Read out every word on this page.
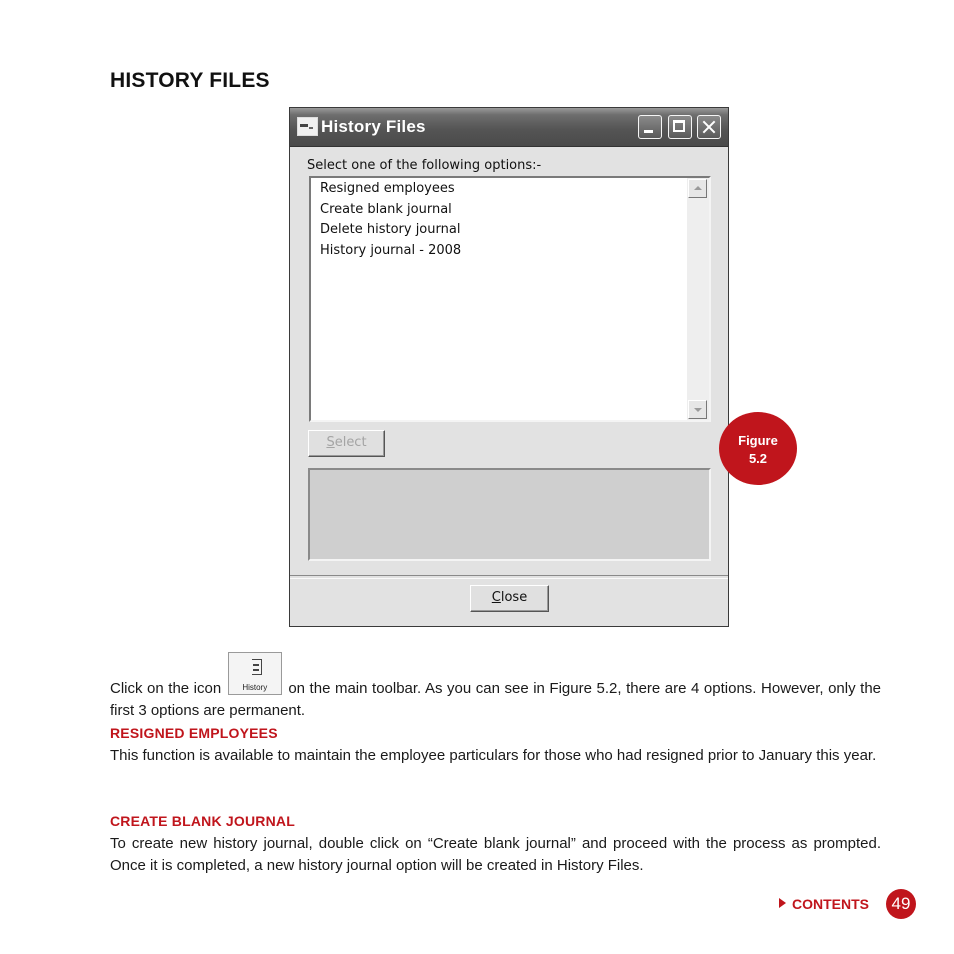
HISTORY FILES
History Files
Select one of the following options:-
Resigned employees
Create blank journal
Delete history journal
History journal - 2008
Select
Close
Figure
5.2
Click on the icon	History	on the main toolbar. As you can see in Figure 5.2, there are 4 options. However, only the first 3 options are permanent.
RESIGNED EMPLOYEES
This function is available to maintain the employee particulars for those who had resigned prior to January this year.
CREATE BLANK JOURNAL
To create new history journal, double click on “Create blank journal” and proceed with the process as prompted. Once it is completed, a new history journal option will be created in History Files.
CONTENTS	49
